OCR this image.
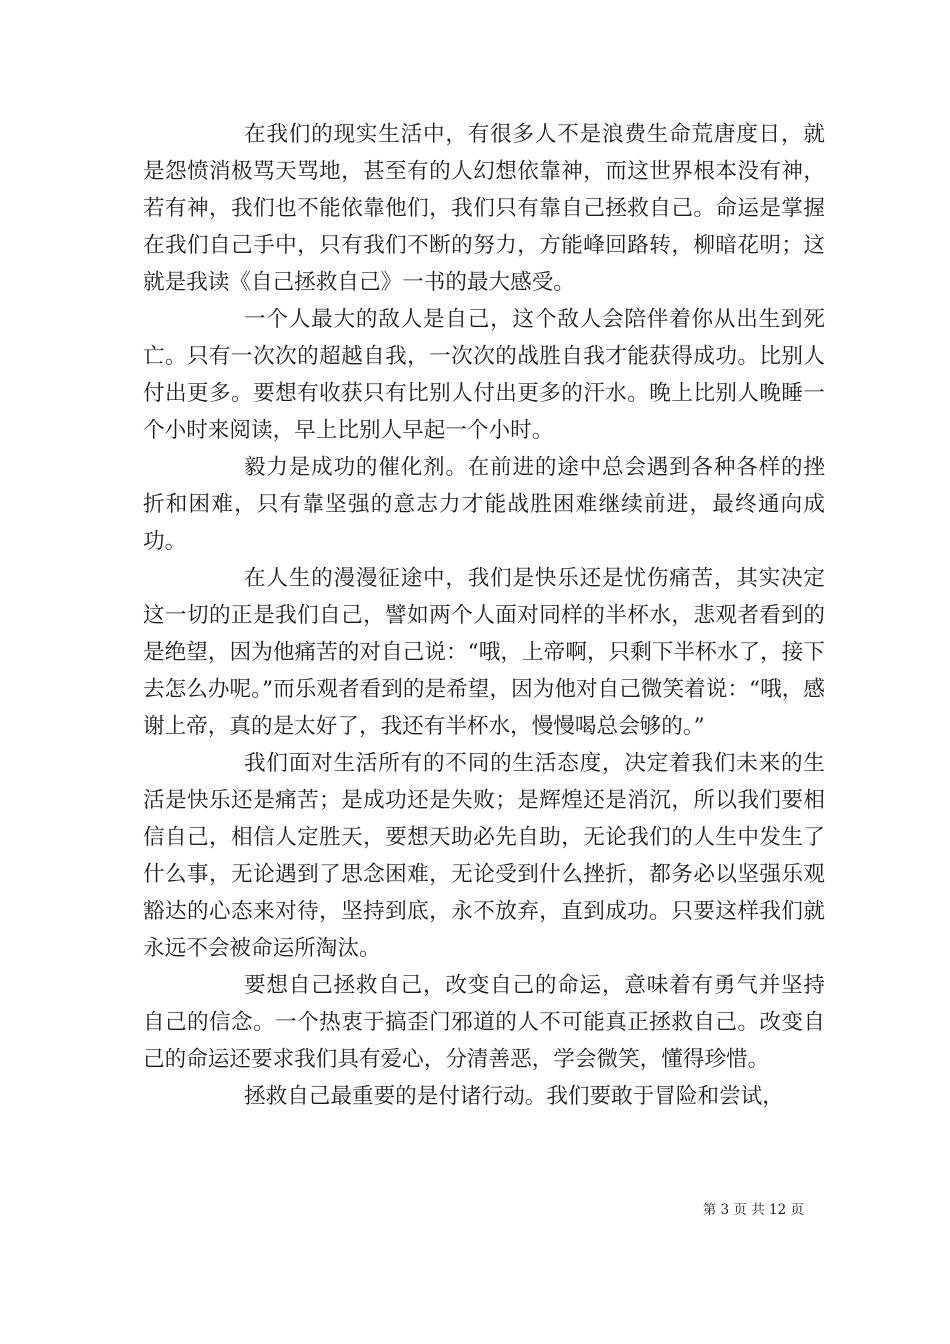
在我们的现实生活中，有很多人不是浪费生命荒唐度日，就是怨愤消极骂天骂地，甚至有的人幻想依靠神，而这世界根本没有神，若有神，我们也不能依靠他们，我们只有靠自己拯救自己。命运是掌握在我们自己手中，只有我们不断的努力，方能峰回路转，柳暗花明；这就是我读《自己拯救自己》一书的最大感受。

一个人最大的敌人是自己，这个敌人会陪伴着你从出生到死亡。只有一次次的超越自我，一次次的战胜自我才能获得成功。比别人付出更多。要想有收获只有比别人付出更多的汗水。晚上比别人晚睡一个小时来阅读，早上比别人早起一个小时。

毅力是成功的催化剂。在前进的途中总会遇到各种各样的挫折和困难，只有靠坚强的意志力才能战胜困难继续前进，最终通向成功。

在人生的漫漫征途中，我们是快乐还是忧伤痛苦，其实决定这一切的正是我们自己，譬如两个人面对同样的半杯水，悲观者看到的是绝望，因为他痛苦的对自己说：“哦，上帝啊，只剩下半杯水了，接下去怎么办呢。”而乐观者看到的是希望，因为他对自己微笑着说：“哦，感谢上帝，真的是太好了，我还有半杯水，慢慢喝总会够的。”

我们面对生活所有的不同的生活态度，决定着我们未来的生活是快乐还是痛苦；是成功还是失败；是辉煌还是消沉，所以我们要相信自己，相信人定胜天，要想天助必先自助，无论我们的人生中发生了什么事，无论遇到了思念困难，无论受到什么挫折，都务必以坚强乐观豁达的心态来对待，坚持到底，永不放弃，直到成功。只要这样我们就永远不会被命运所淘汰。

要想自己拯救自己，改变自己的命运，意味着有勇气并坚持自己的信念。一个热衷于搞歪门邪道的人不可能真正拯救自己。改变自己的命运还要求我们具有爱心，分清善恶，学会微笑，懂得珍惜。

拯救自己最重要的是付诸行动。我们要敢于冒险和尝试，

第 3 页 共 12 页
